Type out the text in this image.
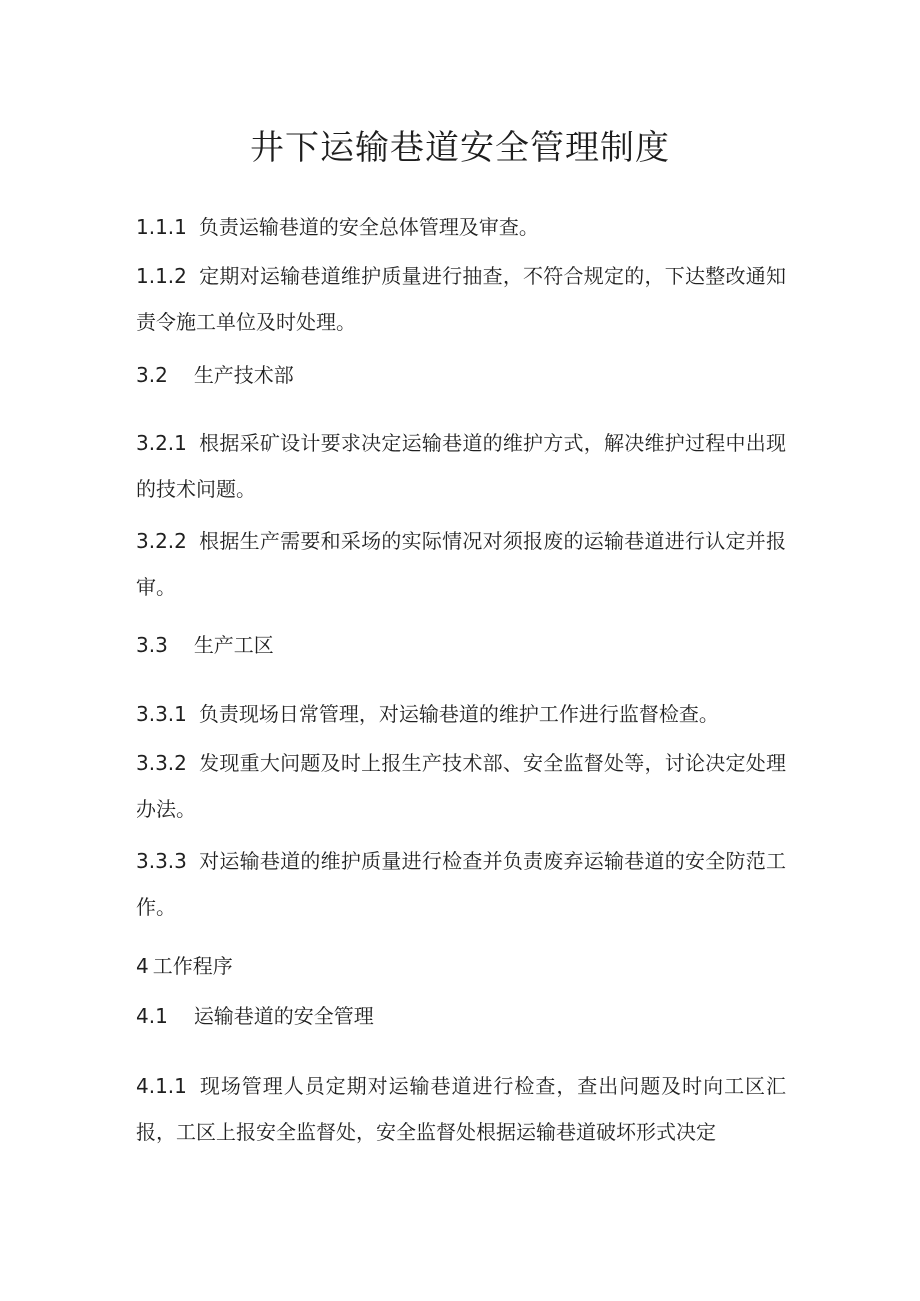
井下运输巷道安全管理制度

1.1.1 负责运输巷道的安全总体管理及审查。

1.1.2 定期对运输巷道维护质量进行抽查，不符合规定的，下达整改通知责令施工单位及时处理。

3.2 生产技术部

3.2.1 根据采矿设计要求决定运输巷道的维护方式，解决维护过程中出现的技术问题。

3.2.2 根据生产需要和采场的实际情况对须报废的运输巷道进行认定并报审。

3.3 生产工区

3.3.1 负责现场日常管理，对运输巷道的维护工作进行监督检查。

3.3.2 发现重大问题及时上报生产技术部、安全监督处等，讨论决定处理办法。

3.3.3 对运输巷道的维护质量进行检查并负责废弃运输巷道的安全防范工作。

4 工作程序

4.1 运输巷道的安全管理

4.1.1 现场管理人员定期对运输巷道进行检查，查出问题及时向工区汇报，工区上报安全监督处，安全监督处根据运输巷道破坏形式决定
